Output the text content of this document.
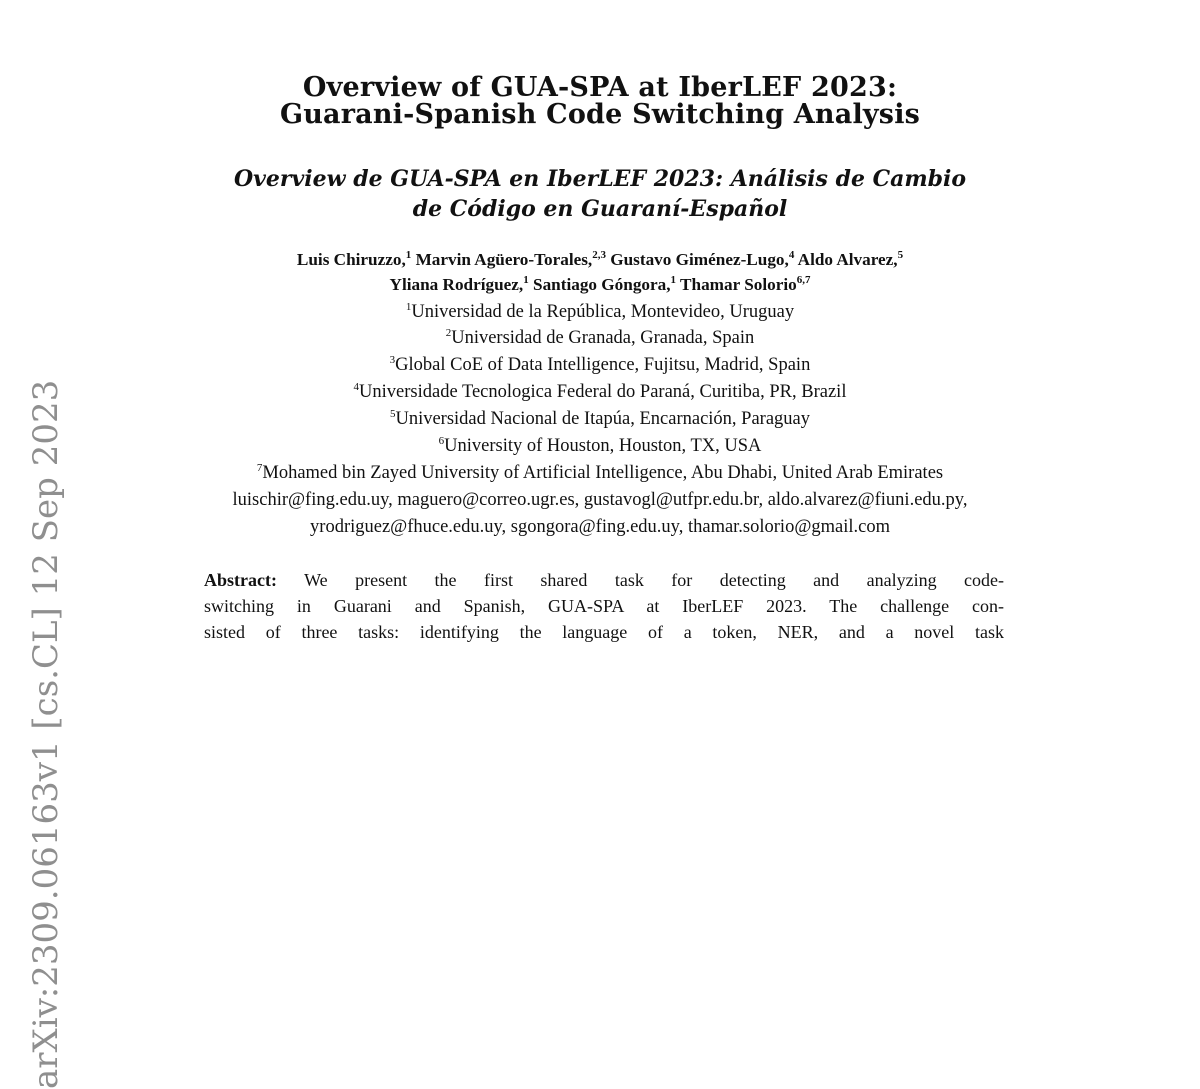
Overview of GUA-SPA at IberLEF 2023:
Guarani-Spanish Code Switching Analysis
Overview de GUA-SPA en IberLEF 2023: Análisis de Cambio
de Código en Guaraní-Español
Luis Chiruzzo,$^1$ Marvin Agüero-Torales,$^{2,3}$ Gustavo Giménez-Lugo,$^4$ Aldo Alvarez,$^5$
Yliana Rodríguez,$^1$ Santiago Góngora,$^1$ Thamar Solorio$^{6,7}$
$^1$Universidad de la República, Montevideo, Uruguay
$^2$Universidad de Granada, Granada, Spain
$^3$Global CoE of Data Intelligence, Fujitsu, Madrid, Spain
$^4$Universidade Tecnologica Federal do Paraná, Curitiba, PR, Brazil
$^5$Universidad Nacional de Itapúa, Encarnación, Paraguay
$^6$University of Houston, Houston, TX, USA
$^7$Mohamed bin Zayed University of Artificial Intelligence, Abu Dhabi, United Arab Emirates
luischir@fing.edu.uy, maguero@correo.ugr.es, gustavogl@utfpr.edu.br, aldo.alvarez@fiuni.edu.py,
yrodriguez@fhuce.edu.uy, sgongora@fing.edu.uy, thamar.solorio@gmail.com
Abstract: We present the first shared task for detecting and analyzing code-
switching in Guarani and Spanish, GUA-SPA at IberLEF 2023. The challenge con-
sisted of three tasks: identifying the language of a token, NER, and a novel task
arXiv:2309.06163v1 [cs.CL] 12 Sep 2023
